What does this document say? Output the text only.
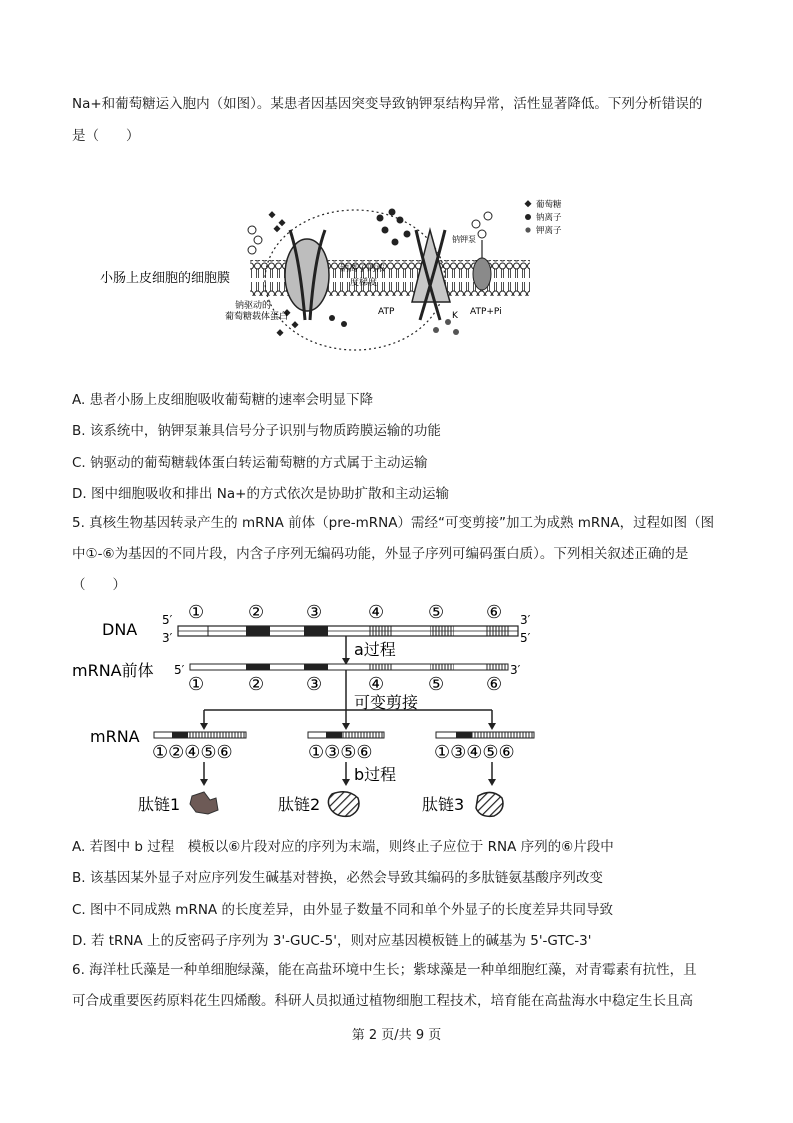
Na+和葡萄糖运入胞内（如图）。某患者因基因突变导致钠钾泵结构异常，活性显著降低。下列分析错误的
是（　　）
小肠上皮细胞的细胞膜
钠驱动的
葡萄糖载体蛋白
钠离子的浓
度梯度
钠钾泵
ATP	K ATP+Pi
葡萄糖
钠离子
钾离子
A. 患者小肠上皮细胞吸收葡萄糖的速率会明显下降
B. 该系统中，钠钾泵兼具信号分子识别与物质跨膜运输的功能
C. 钠驱动的葡萄糖载体蛋白转运葡萄糖的方式属于主动运输
D. 图中细胞吸收和排出 Na+的方式依次是协助扩散和主动运输
5. 真核生物基因转录产生的 mRNA 前体（pre-mRNA）需经“可变剪接”加工为成熟 mRNA，过程如图（图
中①-⑥为基因的不同片段，内含子序列无编码功能，外显子序列可编码蛋白质）。下列相关叙述正确的是
（　　）
DNA 5′
3′
3′
5′
① ② ③	④ ⑤ ⑥
a过程
mRNA前体 5′	3′
① ② ③	④ ⑤ ⑥
可变剪接
mRNA
①②④⑤⑥	①③⑤⑥	①③④⑤⑥
b过程
肽链1	肽链2	肽链3
A. 若图中 b 过程　模板以⑥片段对应的序列为末端，则终止子应位于 RNA 序列的⑥片段中
B. 该基因某外显子对应序列发生碱基对替换，必然会导致其编码的多肽链氨基酸序列改变
C. 图中不同成熟 mRNA 的长度差异，由外显子数量不同和单个外显子的长度差异共同导致
D. 若 tRNA 上的反密码子序列为 3'-GUC-5'，则对应基因模板链上的碱基为 5'-GTC-3'
6. 海洋杜氏藻是一种单细胞绿藻，能在高盐环境中生长；紫球藻是一种单细胞红藻，对青霉素有抗性，且
可合成重要医药原料花生四烯酸。科研人员拟通过植物细胞工程技术，培育能在高盐海水中稳定生长且高
第 2 页/共 9 页
